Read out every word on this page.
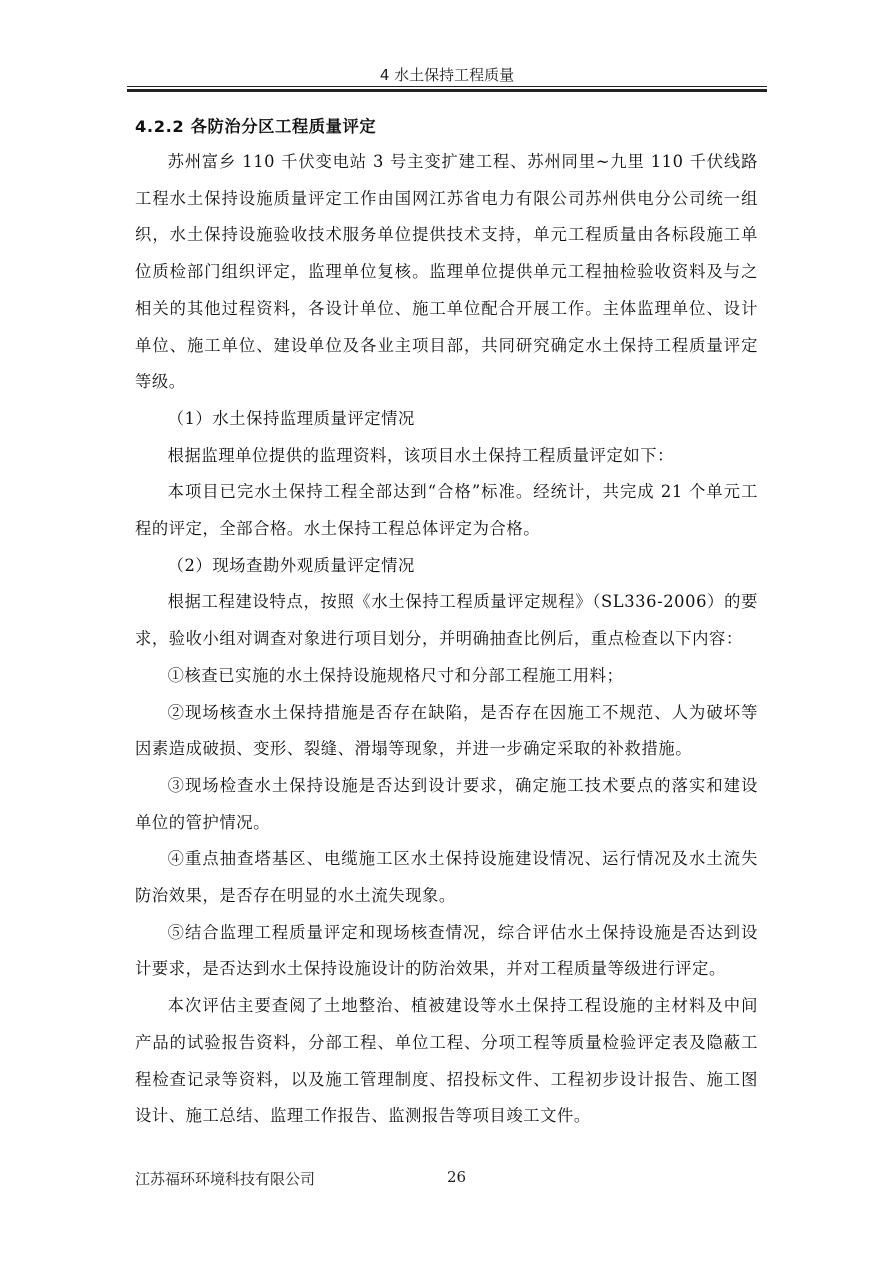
4 水土保持工程质量
4.2.2 各防治分区工程质量评定

苏州富乡 110 千伏变电站 3 号主变扩建工程、苏州同里~九里 110 千伏线路工程水土保持设施质量评定工作由国网江苏省电力有限公司苏州供电分公司统一组织，水土保持设施验收技术服务单位提供技术支持，单元工程质量由各标段施工单位质检部门组织评定，监理单位复核。监理单位提供单元工程抽检验收资料及与之相关的其他过程资料，各设计单位、施工单位配合开展工作。主体监理单位、设计单位、施工单位、建设单位及各业主项目部，共同研究确定水土保持工程质量评定等级。

（1）水土保持监理质量评定情况

根据监理单位提供的监理资料，该项目水土保持工程质量评定如下：

本项目已完水土保持工程全部达到“合格”标准。经统计，共完成 21 个单元工程的评定，全部合格。水土保持工程总体评定为合格。

（2）现场查勘外观质量评定情况

根据工程建设特点，按照《水土保持工程质量评定规程》（SL336-2006）的要求，验收小组对调查对象进行项目划分，并明确抽查比例后，重点检查以下内容：

①核查已实施的水土保持设施规格尺寸和分部工程施工用料；

②现场核查水土保持措施是否存在缺陷，是否存在因施工不规范、人为破坏等因素造成破损、变形、裂缝、滑塌等现象，并进一步确定采取的补救措施。

③现场检查水土保持设施是否达到设计要求，确定施工技术要点的落实和建设单位的管护情况。

④重点抽查塔基区、电缆施工区水土保持设施建设情况、运行情况及水土流失防治效果，是否存在明显的水土流失现象。

⑤结合监理工程质量评定和现场核查情况，综合评估水土保持设施是否达到设计要求，是否达到水土保持设施设计的防治效果，并对工程质量等级进行评定。

本次评估主要查阅了土地整治、植被建设等水土保持工程设施的主材料及中间产品的试验报告资料，分部工程、单位工程、分项工程等质量检验评定表及隐蔽工程检查记录等资料，以及施工管理制度、招投标文件、工程初步设计报告、施工图设计、施工总结、监理工作报告、监测报告等项目竣工文件。

江苏福环环境科技有限公司	26
